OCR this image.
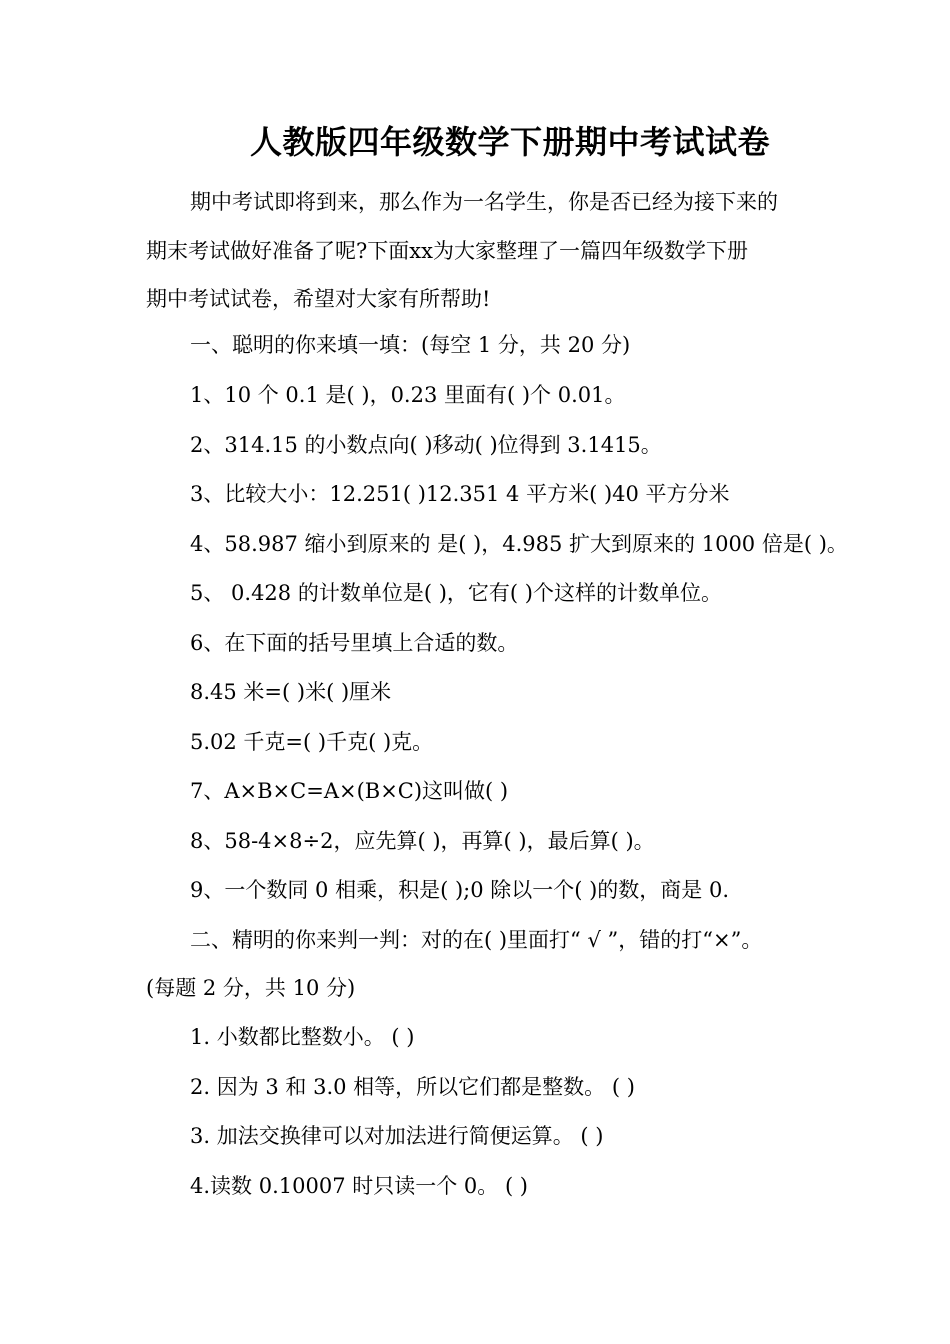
人教版四年级数学下册期中考试试卷
期中考试即将到来，那么作为一名学生，你是否已经为接下来的
期末考试做好准备了呢?下面xx为大家整理了一篇四年级数学下册
期中考试试卷，希望对大家有所帮助!
一、聪明的你来填一填：(每空 1 分，共 20 分)
1、10 个 0.1 是( )，0.23 里面有( )个 0.01。
2、314.15 的小数点向( )移动( )位得到 3.1415。
3、比较大小：12.251( )12.351 4 平方米( )40 平方分米
4、58.987 缩小到原来的 是( )，4.985 扩大到原来的 1000 倍是( )。
5、 0.428 的计数单位是( )，它有( )个这样的计数单位。
6、在下面的括号里填上合适的数。
8.45 米=( )米( )厘米
5.02 千克=( )千克( )克。
7、A×B×C=A×(B×C)这叫做( )
8、58-4×8÷2，应先算( )，再算( )，最后算( )。
9、一个数同 0 相乘，积是( );0 除以一个( )的数，商是 0.
二、精明的你来判一判：对的在( )里面打“ √ ”，错的打“×”。
(每题 2 分，共 10 分)
1. 小数都比整数小。 ( )
2. 因为 3 和 3.0 相等，所以它们都是整数。 ( )
3. 加法交换律可以对加法进行简便运算。 ( )
4.读数 0.10007 时只读一个 0。 ( )
